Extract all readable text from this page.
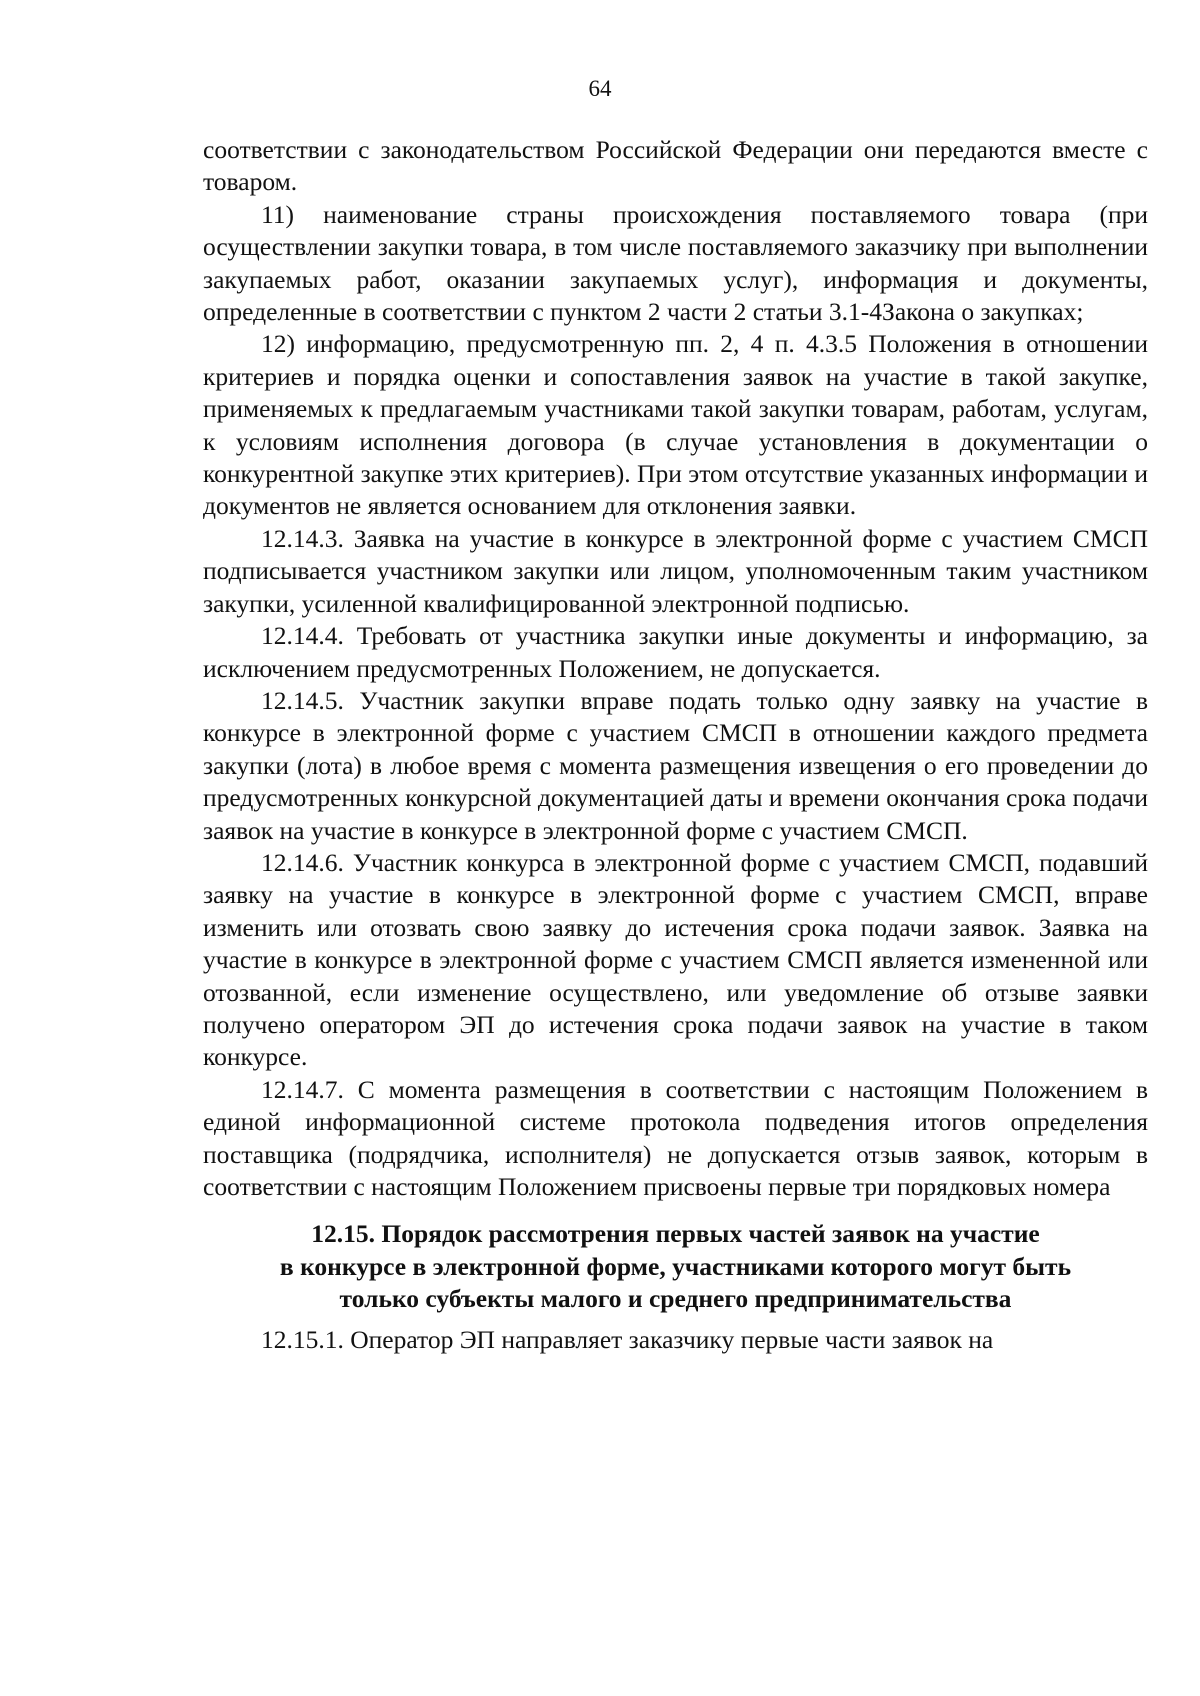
64

соответствии с законодательством Российской Федерации они передаются вместе с товаром.

11) наименование страны происхождения поставляемого товара (при осуществлении закупки товара, в том числе поставляемого заказчику при выполнении закупаемых работ, оказании закупаемых услуг), информация и документы, определенные в соответствии с пунктом 2 части 2 статьи 3.1-4Закона о закупках;

12) информацию, предусмотренную пп. 2, 4 п. 4.3.5 Положения в отношении критериев и порядка оценки и сопоставления заявок на участие в такой закупке, применяемых к предлагаемым участниками такой закупки товарам, работам, услугам, к условиям исполнения договора (в случае установления в документации о конкурентной закупке этих критериев). При этом отсутствие указанных информации и документов не является основанием для отклонения заявки.

12.14.3. Заявка на участие в конкурсе в электронной форме с участием СМСП подписывается участником закупки или лицом, уполномоченным таким участником закупки, усиленной квалифицированной электронной подписью.

12.14.4. Требовать от участника закупки иные документы и информацию, за исключением предусмотренных Положением, не допускается.

12.14.5. Участник закупки вправе подать только одну заявку на участие в конкурсе в электронной форме с участием СМСП в отношении каждого предмета закупки (лота) в любое время с момента размещения извещения о его проведении до предусмотренных конкурсной документацией даты и времени окончания срока подачи заявок на участие в конкурсе в электронной форме с участием СМСП.

12.14.6. Участник конкурса в электронной форме с участием СМСП, подавший заявку на участие в конкурсе в электронной форме с участием СМСП, вправе изменить или отозвать свою заявку до истечения срока подачи заявок. Заявка на участие в конкурсе в электронной форме с участием СМСП является измененной или отозванной, если изменение осуществлено, или уведомление об отзыве заявки получено оператором ЭП до истечения срока подачи заявок на участие в таком конкурсе.

12.14.7. С момента размещения в соответствии с настоящим Положением в единой информационной системе протокола подведения итогов определения поставщика (подрядчика, исполнителя) не допускается отзыв заявок, которым в соответствии с настоящим Положением присвоены первые три порядковых номера

12.15. Порядок рассмотрения первых частей заявок на участие
в конкурсе в электронной форме, участниками которого могут быть
только субъекты малого и среднего предпринимательства

12.15.1. Оператор ЭП направляет заказчику первые части заявок на
